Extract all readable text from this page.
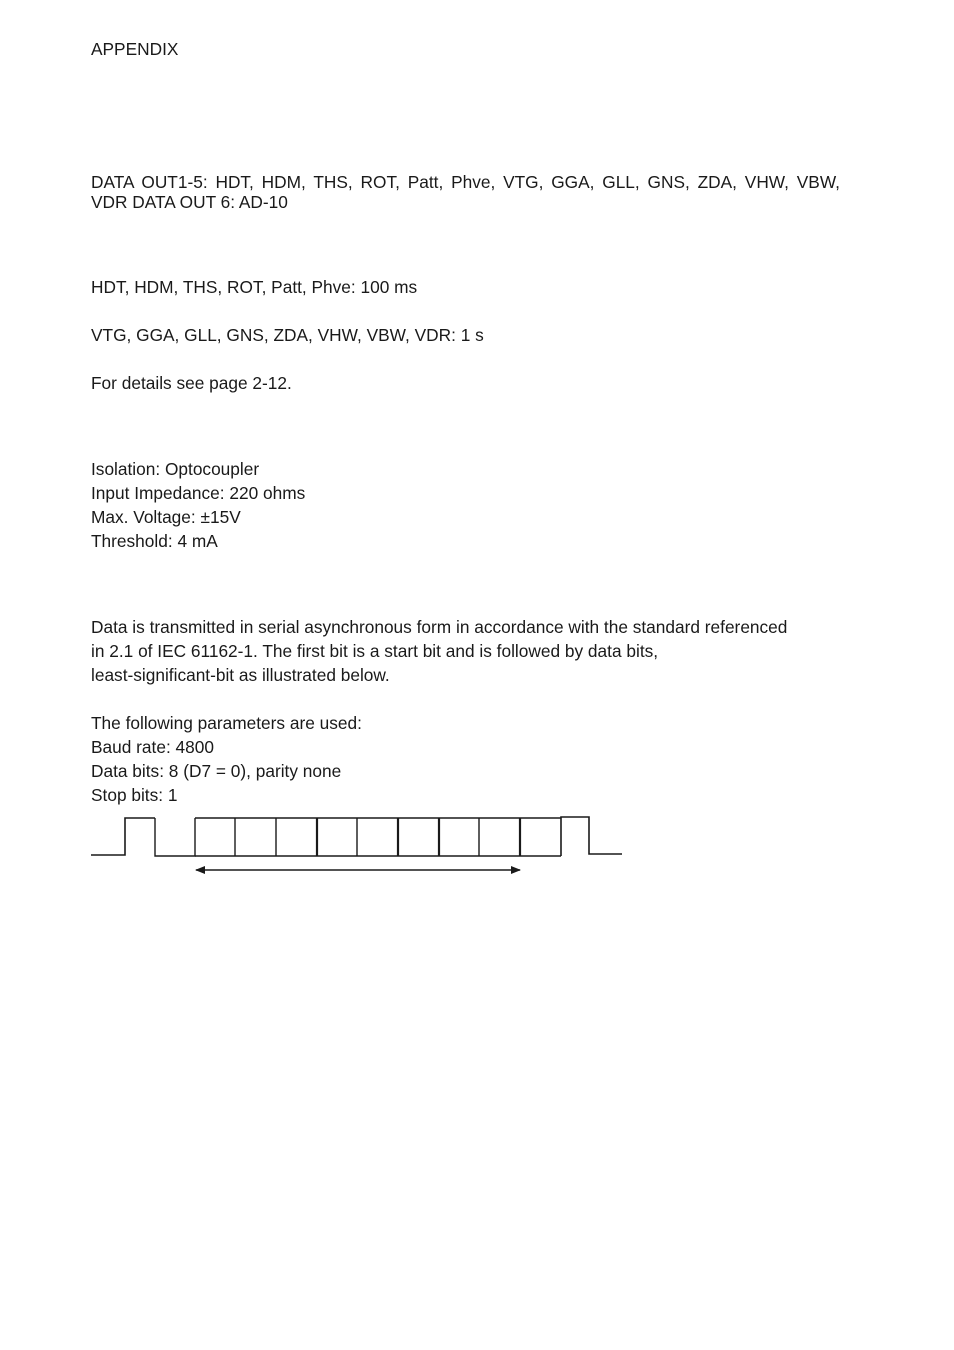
APPENDIX
DATA OUT1-5: HDT, HDM, THS, ROT, Patt, Phve, VTG, GGA, GLL, GNS, ZDA, VHW, VBW,
VDR DATA OUT 6: AD-10
HDT, HDM, THS, ROT, Patt, Phve: 100 ms
VTG, GGA, GLL, GNS, ZDA, VHW, VBW, VDR: 1 s
For details see page 2-12.
Isolation: Optocoupler
Input Impedance: 220 ohms
Max. Voltage: ±15V
Threshold: 4 mA
Data is transmitted in serial asynchronous form in accordance with the standard referenced
in 2.1 of IEC 61162-1. The first bit is a start bit and is followed by data bits,
least-significant-bit as illustrated below.
The following parameters are used:
Baud rate: 4800
Data bits: 8 (D7 = 0), parity none
Stop bits: 1
